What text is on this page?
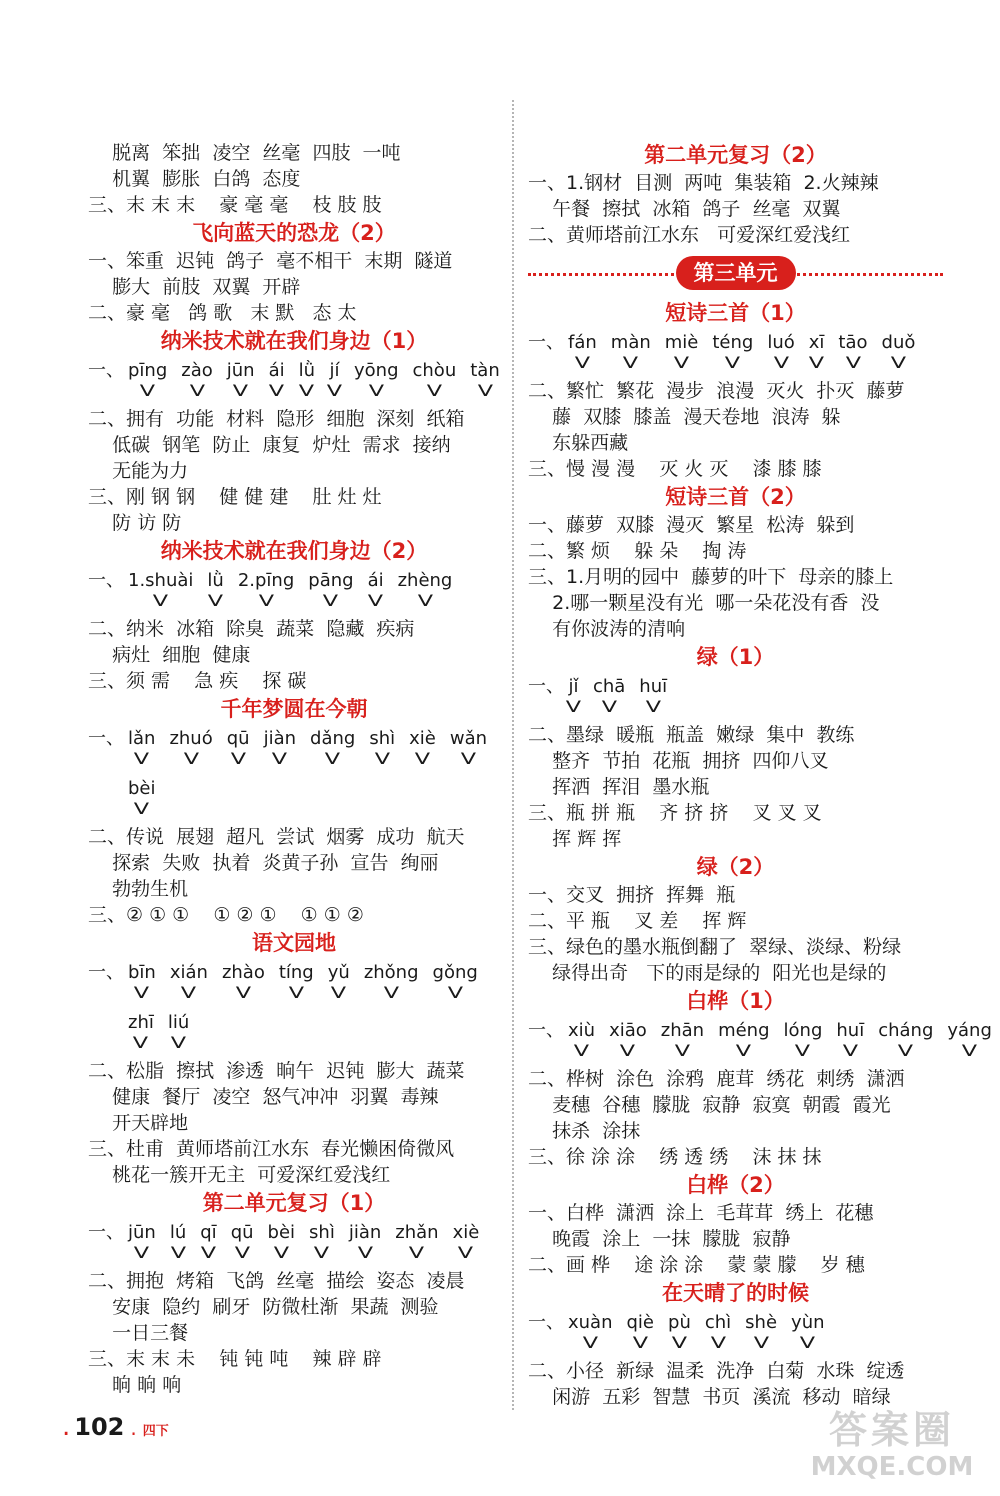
脱离  笨拙  凌空  丝毫  四肢  一吨
机翼  膨胀  白鸽  态度
三、末 末 末    豪 毫 毫    枝 肢 肢
飞向蓝天的恐龙（2）
一、笨重  迟钝  鸽子  毫不相干  末期  隧道
膨大  前肢  双翼  开辟
二、豪 毫   鸽 歌   末 默   态 太
纳米技术就在我们身边（1）
一、 pīng
V
zào
V
jūn
V
ái
V
lǜ
V
jí
V
yōng
V
chòu
V
tàn
V
二、拥有  功能  材料  隐形  细胞  深刻  纸箱
低碳  钢笔  防止  康复  炉灶  需求  接纳
无能为力
三、刚 钢 钢    健 健 建    肚 灶 灶
防 访 防
纳米技术就在我们身边（2）
一、 1.shuài
V
lǜ
V
2.pīng
V
pāng
V
ái
V
zhèng
V
二、纳米  冰箱  除臭  蔬菜  隐藏  疾病
病灶  细胞  健康
三、须 需    急 疾    探 碳
千年梦圆在今朝
一、 lǎn
V
zhuó
V
qū
V
jiàn
V
dǎng
V
shì
V
xiè
V
wǎn
V
bèi
V
二、传说  展翅  超凡  尝试  烟雾  成功  航天
探索  失败  执着  炎黄子孙  宣告  绚丽
勃勃生机
三、② ① ①    ① ② ①    ① ① ②
语文园地
一、 bīn
V
xián
V
zhào
V
tíng
V
yǔ
V
zhǒng
V
gǒng
V
zhī
V
liú
V
二、松脂  擦拭  渗透  晌午  迟钝  膨大  蔬菜
健康  餐厅  凌空  怒气冲冲  羽翼  毒辣
开天辟地
三、杜甫  黄师塔前江水东  春光懒困倚微风
桃花一簇开无主  可爱深红爱浅红
第二单元复习（1）
一、 jūn
V
lú
V
qī
V
qū
V
bèi
V
shì
V
jiàn
V
zhǎn
V
xiè
V
二、拥抱  烤箱  飞鸽  丝毫  描绘  姿态  凌晨
安康  隐约  刷牙  防微杜渐  果蔬  测验
一日三餐
三、末 末 未    钝 钝 吨    辣 辟 辟
晌 晌 响
第二单元复习（2）
一、1.钢材  目测  两吨  集装箱  2.火辣辣
午餐  擦拭  冰箱  鸽子  丝毫  双翼
二、黄师塔前江水东   可爱深红爱浅红
第三单元
短诗三首（1）
一、 fán
V
màn
V
miè
V
téng
V
luó
V
xī
V
tāo
V
duǒ
V
二、繁忙  繁花  漫步  浪漫  灭火  扑灭  藤萝
藤  双膝  膝盖  漫天卷地  浪涛  躲
东躲西藏
三、慢 漫 漫    灭 火 灭    漆 膝 膝
短诗三首（2）
一、藤萝  双膝  漫灭  繁星  松涛  躲到
二、繁 烦    躲 朵    掏 涛
三、1.月明的园中  藤萝的叶下  母亲的膝上
2.哪一颗星没有光  哪一朵花没有香  没
有你波涛的清响
绿（1）
一、 jǐ
V
chā
V
huī
V
二、墨绿  暖瓶  瓶盖  嫩绿  集中  教练
整齐  节拍  花瓶  拥挤  四仰八叉
挥洒  挥泪  墨水瓶
三、瓶 拼 瓶    齐 挤 挤    叉 叉 叉
挥 辉 挥
绿（2）
一、交叉  拥挤  挥舞  瓶
二、平 瓶    叉 差    挥 辉
三、绿色的墨水瓶倒翻了  翠绿、淡绿、粉绿
绿得出奇   下的雨是绿的  阳光也是绿的
白桦（1）
一、 xiù
V
xiāo
V
zhān
V
méng
V
lóng
V
huī
V
cháng
V
yáng
V
二、桦树  涂色  涂鸦  鹿茸  绣花  刺绣  潇洒
麦穗  谷穗  朦胧  寂静  寂寞  朝霞  霞光
抹杀  涂抹
三、徐 涂 涂    绣 透 绣    沫 抹 抹
白桦（2）
一、白桦  潇洒  涂上  毛茸茸  绣上  花穗
晚霞  涂上  一抹  朦胧  寂静
二、画 桦    途 涂 涂    蒙 蒙 朦    岁 穗
在天晴了的时候
一、 xuàn
V
qiè
V
pù
V
chì
V
shè
V
yùn
V
二、小径  新绿  温柔  洗净  白菊  水珠  绽透
闲游  五彩  智慧  书页  溪流  移动  暗绿
. 102 . 四下	答案圈
MXQE.COM
